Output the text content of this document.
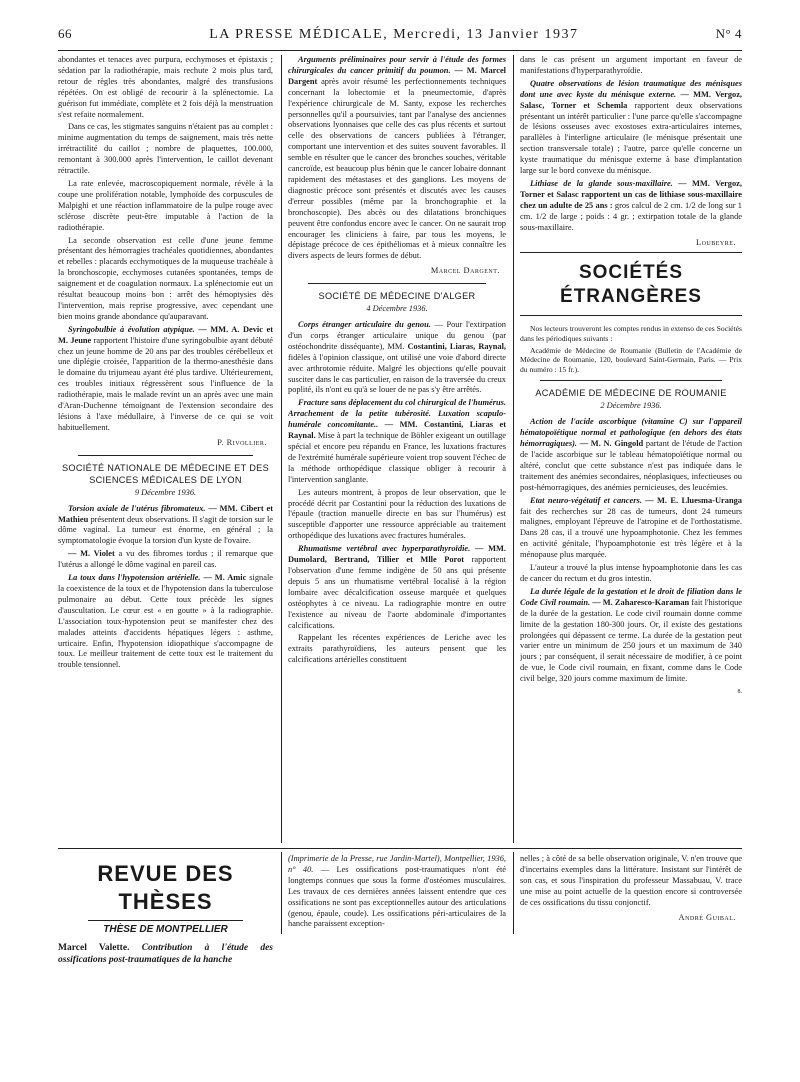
66	LA PRESSE MÉDICALE, Mercredi, 13 Janvier 1937	N° 4

abondantes et tenaces avec purpura, ecchymoses et épistaxis ; sédation par la radiothérapie, mais rechute 2 mois plus tard, retour de règles très abondantes, malgré des transfusions répétées. On est obligé de recourir à la splénectomie. La guérison fut immédiate, complète et 2 fois déjà la menstruation s'est refaite normalement.

Dans ce cas, les stigmates sanguins n'étaient pas au complet : minime augmentation du temps de saignement, mais très nette irrétractilité du caillot ; nombre de plaquettes, 100.000, remontant à 300.000 après l'intervention, le caillot devenant rétractile.

La rate enlevée, macroscopiquement normale, révèle à la coupe une prolifération notable, lymphoïde des corpuscules de Malpighi et une réaction inflammatoire de la pulpe rouge avec sclérose discrète peut-être imputable à l'action de la radiothérapie.

La seconde observation est celle d'une jeune femme présentant des hémorragies trachéales quotidiennes, abondantes et rebelles : placards ecchymotiques de la muqueuse trachéale à la bronchoscopie, ecchymoses cutanées spontanées, temps de saignement et de coagulation normaux. La splénectomie eut un résultat beaucoup moins bon : arrêt des hémoptysies dès l'intervention, mais reprise progressive, avec cependant une bien moins grande abondance qu'auparavant.

Syringobulbie à évolution atypique. — MM. A. Devic et M. Jeune rapportent l'histoire d'une syringobulbie ayant débuté chez un jeune homme de 20 ans par des troubles cérébelleux et une diplégie croisée, l'apparition de la thermo-anesthésie dans le domaine du trijumeau ayant été plus tardive. Ultérieurement, ces troubles initiaux régressèrent sous l'influence de la radiothérapie, mais le malade revint un an après avec une main d'Aran-Duchenne témoignant de l'extension secondaire des lésions à l'axe médullaire, à l'inverse de ce qui se voit habituellement.

P. Rivollier.
SOCIÉTÉ NATIONALE DE MÉDECINE ET DES SCIENCES MÉDICALES DE LYON
9 Décembre 1936.

Torsion axiale de l'utérus fibromateux. — MM. Cibert et Mathieu présentent deux observations. Il s'agit de torsion sur le dôme vaginal. La tumeur est énorme, en général ; la symptomatologie évoque la torsion d'un kyste de l'ovaire.

— M. Violet a vu des fibromes tordus ; il remarque que l'utérus a allongé le dôme vaginal en pareil cas.

La toux dans l'hypotension artérielle. — M. Amic signale la coexistence de la toux et de l'hypotension dans la tuberculose pulmonaire au début. Cette toux précède les signes d'auscultation. Le cœur est « en goutte » à la radiographie. L'association toux-hypotension peut se manifester chez des malades atteints d'accidents hépatiques légers : asthme, urticaire. Enfin, l'hypotension idiopathique s'accompagne de toux. Le meilleur traitement de cette toux est le traitement du trouble tensionnel.

Arguments préliminaires pour servir à l'étude des formes chirurgicales du cancer primitif du poumon. — M. Marcel Dargent après avoir résumé les perfectionnements techniques concernant la lobectomie et la pneumectomie, d'après l'expérience chirurgicale de M. Santy, expose les recherches personnelles qu'il a poursuivies, tant par l'analyse des anciennes observations lyonnaises que celle des cas plus récents et surtout celle des observations de cancers publiées à l'étranger, comportant une intervention et des suites souvent favorables. Il semble en résulter que le cancer des bronches souches, véritable cancroïde, est beaucoup plus bénin que le cancer lobaire donnant rapidement des métastases et des ganglions. Les moyens de diagnostic précoce sont présentés et discutés avec les causes d'erreur possibles (même par la bronchographie et la bronchoscopie). Des abcès ou des dilatations bronchiques peuvent être confondus encore avec le cancer. On ne saurait trop encourager les cliniciens à faire, par tous les moyens, le dépistage précoce de ces épithéliomas et à mieux connaître les divers aspects de leurs formes de début.

Marcel Dargent.
SOCIÉTÉ DE MÉDECINE D'ALGER
4 Décembre 1936.

Corps étranger articulaire du genou. — Pour l'extirpation d'un corps étranger articulaire unique du genou (par ostéochondrite disséquante), MM. Costantini, Liaras, Raynal, fidèles à l'opinion classique, ont utilisé une voie d'abord directe avec arthrotomie réduite. Malgré les objections qu'elle pouvait susciter dans le cas particulier, en raison de la traversée du creux poplité, ils n'ont eu qu'à se louer de ne pas s'y être arrêtés.

Fracture sans déplacement du col chirurgical de l'humérus. Arrachement de la petite tubérosité. Luxation scapulo-humérale concomitante.. — MM. Costantini, Liaras et Raynal. Mise à part la technique de Böhler exigeant un outillage spécial et encore peu répandu en France, les luxations fractures de l'extrémité humérale supérieure voient trop souvent l'échec de la méthode orthopédique classique obliger à recourir à l'intervention sanglante.

Les auteurs montrent, à propos de leur observation, que le procédé décrit par Costantini pour la réduction des luxations de l'épaule (traction manuelle directe en bas sur l'humérus) est susceptible d'apporter une ressource appréciable au traitement orthopédique des luxations avec fractures humérales.

Rhumatisme vertébral avec hyperparathyroïdie. — MM. Dumolard, Bertrand, Tillier et Mlle Porot rapportent l'observation d'une femme indigène de 50 ans qui présente depuis 5 ans un rhumatisme vertébral localisé à la région lombaire avec décalcification osseuse marquée et quelques ostéophytes à ce niveau. La radiographie montre en outre l'existence au niveau de l'aorte abdominale d'importantes calcifications.

Rappelant les récentes expériences de Leriche avec les extraits parathyroïdiens, les auteurs pensent que les calcifications artérielles constituent

dans le cas présent un argument important en faveur de manifestations d'hyperparathyroïdie.

Quatre observations de lésion traumatique des ménisques dont une avec kyste du ménisque externe. — MM. Vergoz, Salasc, Torner et Schemla rapportent deux observations présentant un intérêt particulier : l'une parce qu'elle s'accompagne de lésions osseuses avec exostoses extra-articulaires internes, parallèles à l'interligne articulaire (le ménisque présentait une section transversale totale) ; l'autre, parce qu'elle concerne un kyste traumatique du ménisque externe à base d'implantation large sur le bord convexe du ménisque.

Lithiase de la glande sous-maxillaire. — MM. Vergoz, Torner et Salasc rapportent un cas de lithiase sous-maxillaire chez un adulte de 25 ans : gros calcul de 2 cm. 1/2 de long sur 1 cm. 1/2 de large ; poids : 4 gr. ; extirpation totale de la glande sous-maxillaire.

Loubeyre.
SOCIÉTÉS ÉTRANGÈRES

Nos lecteurs trouveront les comptes rendus in extenso de ces Sociétés dans les périodiques suivants :

Académie de Médecine de Roumanie (Bulletin de l'Académie de Médecine de Roumanie, 120, boulevard Saint-Germain, Paris. — Prix du numéro : 15 fr.).

ACADÉMIE DE MÉDECINE DE ROUMANIE
2 Décembre 1936.

Action de l'acide ascorbique (vitamine C) sur l'appareil hématopoïétique normal et pathologique (en dehors des états hémorragiques). — M. N. Gingold partant de l'étude de l'action de l'acide ascorbique sur le tableau hématopoïétique normal ou altéré, conclut que cette substance n'est pas indiquée dans le traitement des anémies secondaires, néoplasiques, infectieuses ou post-hémorragiques, des anémies pernicieuses, des leucémies.

Etat neuro-végétatif et cancers. — M. E. Lluesma-Uranga fait des recherches sur 28 cas de tumeurs, dont 24 tumeurs malignes, employant l'épreuve de l'atropine et de l'orthostatisme. Dans 28 cas, il a trouvé une hypoamphotonie. Chez les femmes en activité génitale, l'hypoamphotonie est très légère et à la ménopause plus marquée.

L'auteur a trouvé la plus intense hypoamphotonie dans les cas de cancer du rectum et du gros intestin.

La durée légale de la gestation et le droit de filiation dans le Code Civil roumain. — M. Zaharesco-Karaman fait l'historique de la durée de la gestation. Le code civil roumain donne comme limite de la gestation 180-300 jours. Or, il existe des gestations prolongées qui dépassent ce terme. La durée de la gestation peut varier entre un minimum de 250 jours et un maximum de 340 jours ; par conséquent, il serait nécessaire de modifier, à ce point de vue, le Code civil roumain, en fixant, comme dans le Code civil belge, 320 jours comme maximum de limite.

8.
REVUE DES THÈSES
THÈSE DE MONTPELLIER

Marcel Valette. Contribution à l'étude des ossifications post-traumatiques de la hanche

(Imprimerie de la Presse, rue Jardin-Martel), Montpellier, 1936, n° 40. — Les ossifications post-traumatiques n'ont été longtemps connues que sous la forme d'ostéomes musculaires. Les travaux de ces dernières années laissent entendre que ces ossifications ne sont pas exceptionnelles autour des articulations (genou, épaule, coude). Les ossifications péri-articulaires de la hanche paraissent exception-

nelles ; à côté de sa belle observation originale, V. n'en trouve que d'incertains exemples dans la littérature. Insistant sur l'intérêt de son cas, et sous l'inspiration du professeur Massabuau, V. trace une mise au point actuelle de la question encore si controversée de ces ossifications du tissu conjonctif.

André Guibal.
